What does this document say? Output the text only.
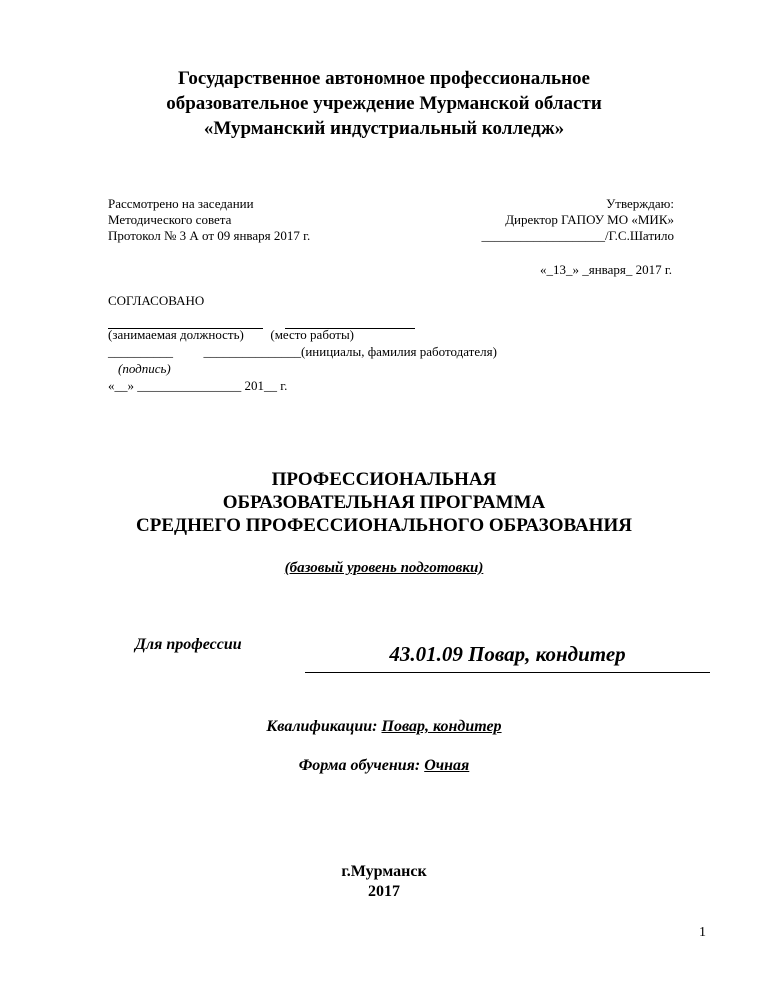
Государственное автономное профессиональное
образовательное учреждение Мурманской области
«Мурманский индустриальный колледж»
Рассмотрено на заседании
Методического совета
Протокол № 3 А от 09 января 2017 г.
Утверждаю:
Директор ГАПОУ МО «МИК»
___________________/Г.С.Шатило
«_13_» _января_ 2017 г.
СОГЛАСОВАНО

(занимаемая должность) (место работы)
__________ _______________(инициалы, фамилия работодателя)
(подпись)
«__» ________________ 201__ г.
ПРОФЕССИОНАЛЬНАЯ
ОБРАЗОВАТЕЛЬНАЯ ПРОГРАММА
СРЕДНЕГО ПРОФЕССИОНАЛЬНОГО ОБРАЗОВАНИЯ
(базовый уровень подготовки)
Для профессии	43.01.09 Повар, кондитер
Квалификации: Повар, кондитер
Форма обучения: Очная
г.Мурманск
2017
1
